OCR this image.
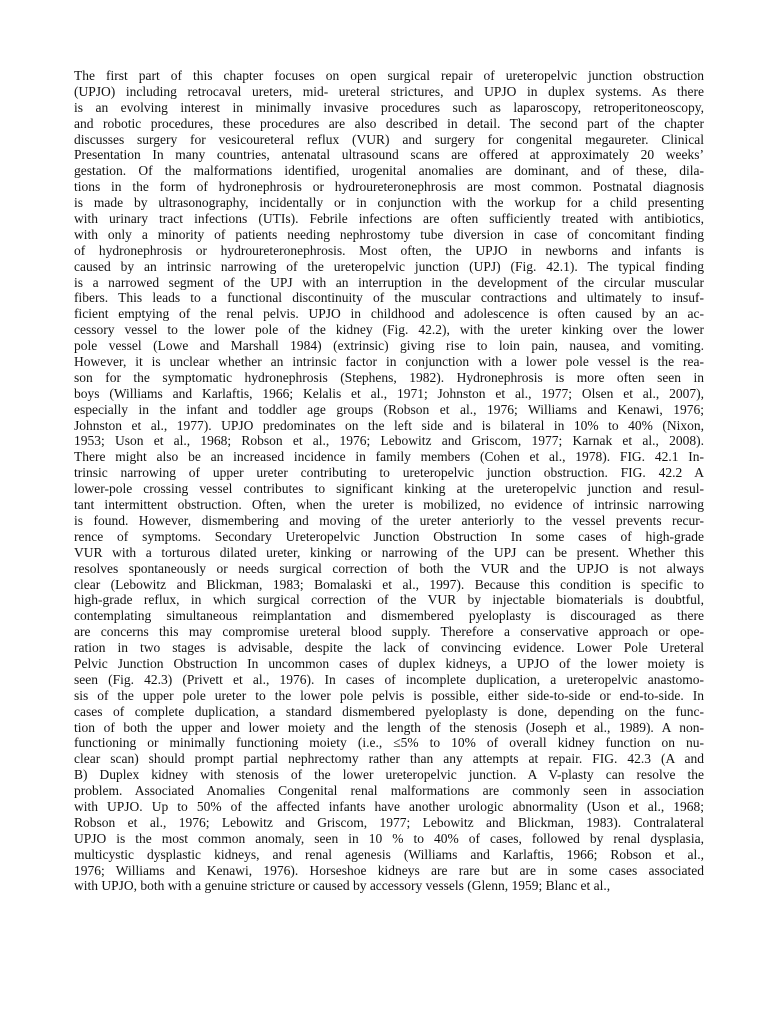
The first part of this chapter focuses on open surgical repair of ureteropelvic junction obstruction
(UPJO) including retrocaval ureters, mid- ureteral strictures, and UPJO in duplex systems. As there
is an evolving interest in minimally invasive procedures such as laparoscopy, retroperitoneoscopy,
and robotic procedures, these procedures are also described in detail. The second part of the chapter
discusses surgery for vesicoureteral reflux (VUR) and surgery for congenital megaureter. Clinical
Presentation In many countries, antenatal ultrasound scans are offered at approximately 20 weeks’
gestation. Of the malformations identified, urogenital anomalies are dominant, and of these, dila-
tions in the form of hydronephrosis or hydroureteronephrosis are most common. Postnatal diagnosis
is made by ultrasonography, incidentally or in conjunction with the workup for a child presenting
with urinary tract infections (UTIs). Febrile infections are often sufficiently treated with antibiotics,
with only a minority of patients needing nephrostomy tube diversion in case of concomitant finding
of hydronephrosis or hydroureteronephrosis. Most often, the UPJO in newborns and infants is
caused by an intrinsic narrowing of the ureteropelvic junction (UPJ) (Fig. 42.1). The typical finding
is a narrowed segment of the UPJ with an interruption in the development of the circular muscular
fibers. This leads to a functional discontinuity of the muscular contractions and ultimately to insuf-
ficient emptying of the renal pelvis. UPJO in childhood and adolescence is often caused by an ac-
cessory vessel to the lower pole of the kidney (Fig. 42.2), with the ureter kinking over the lower
pole vessel (Lowe and Marshall 1984) (extrinsic) giving rise to loin pain, nausea, and vomiting.
However, it is unclear whether an intrinsic factor in conjunction with a lower pole vessel is the rea-
son for the symptomatic hydronephrosis (Stephens, 1982). Hydronephrosis is more often seen in
boys (Williams and Karlaftis, 1966; Kelalis et al., 1971; Johnston et al., 1977; Olsen et al., 2007),
especially in the infant and toddler age groups (Robson et al., 1976; Williams and Kenawi, 1976;
Johnston et al., 1977). UPJO predominates on the left side and is bilateral in 10% to 40% (Nixon,
1953; Uson et al., 1968; Robson et al., 1976; Lebowitz and Griscom, 1977; Karnak et al., 2008).
There might also be an increased incidence in family members (Cohen et al., 1978). FIG. 42.1 In-
trinsic narrowing of upper ureter contributing to ureteropelvic junction obstruction. FIG. 42.2 A
lower-pole crossing vessel contributes to significant kinking at the ureteropelvic junction and resul-
tant intermittent obstruction. Often, when the ureter is mobilized, no evidence of intrinsic narrowing
is found. However, dismembering and moving of the ureter anteriorly to the vessel prevents recur-
rence of symptoms. Secondary Ureteropelvic Junction Obstruction In some cases of high-grade
VUR with a torturous dilated ureter, kinking or narrowing of the UPJ can be present. Whether this
resolves spontaneously or needs surgical correction of both the VUR and the UPJO is not always
clear (Lebowitz and Blickman, 1983; Bomalaski et al., 1997). Because this condition is specific to
high-grade reflux, in which surgical correction of the VUR by injectable biomaterials is doubtful,
contemplating simultaneous reimplantation and dismembered pyeloplasty is discouraged as there
are concerns this may compromise ureteral blood supply. Therefore a conservative approach or ope-
ration in two stages is advisable, despite the lack of convincing evidence. Lower Pole Ureteral
Pelvic Junction Obstruction In uncommon cases of duplex kidneys, a UPJO of the lower moiety is
seen (Fig. 42.3) (Privett et al., 1976). In cases of incomplete duplication, a ureteropelvic anastomo-
sis of the upper pole ureter to the lower pole pelvis is possible, either side-to-side or end-to-side. In
cases of complete duplication, a standard dismembered pyeloplasty is done, depending on the func-
tion of both the upper and lower moiety and the length of the stenosis (Joseph et al., 1989). A non-
functioning or minimally functioning moiety (i.e., ≤5% to 10% of overall kidney function on nu-
clear scan) should prompt partial nephrectomy rather than any attempts at repair. FIG. 42.3 (A and
B) Duplex kidney with stenosis of the lower ureteropelvic junction. A V-plasty can resolve the
problem. Associated Anomalies Congenital renal malformations are commonly seen in association
with UPJO. Up to 50% of the affected infants have another urologic abnormality (Uson et al., 1968;
Robson et al., 1976; Lebowitz and Griscom, 1977; Lebowitz and Blickman, 1983). Contralateral
UPJO is the most common anomaly, seen in 10 % to 40% of cases, followed by renal dysplasia,
multicystic dysplastic kidneys, and renal agenesis (Williams and Karlaftis, 1966; Robson et al.,
1976; Williams and Kenawi, 1976). Horseshoe kidneys are rare but are in some cases associated
with UPJO, both with a genuine stricture or caused by accessory vessels (Glenn, 1959; Blanc et al.,
